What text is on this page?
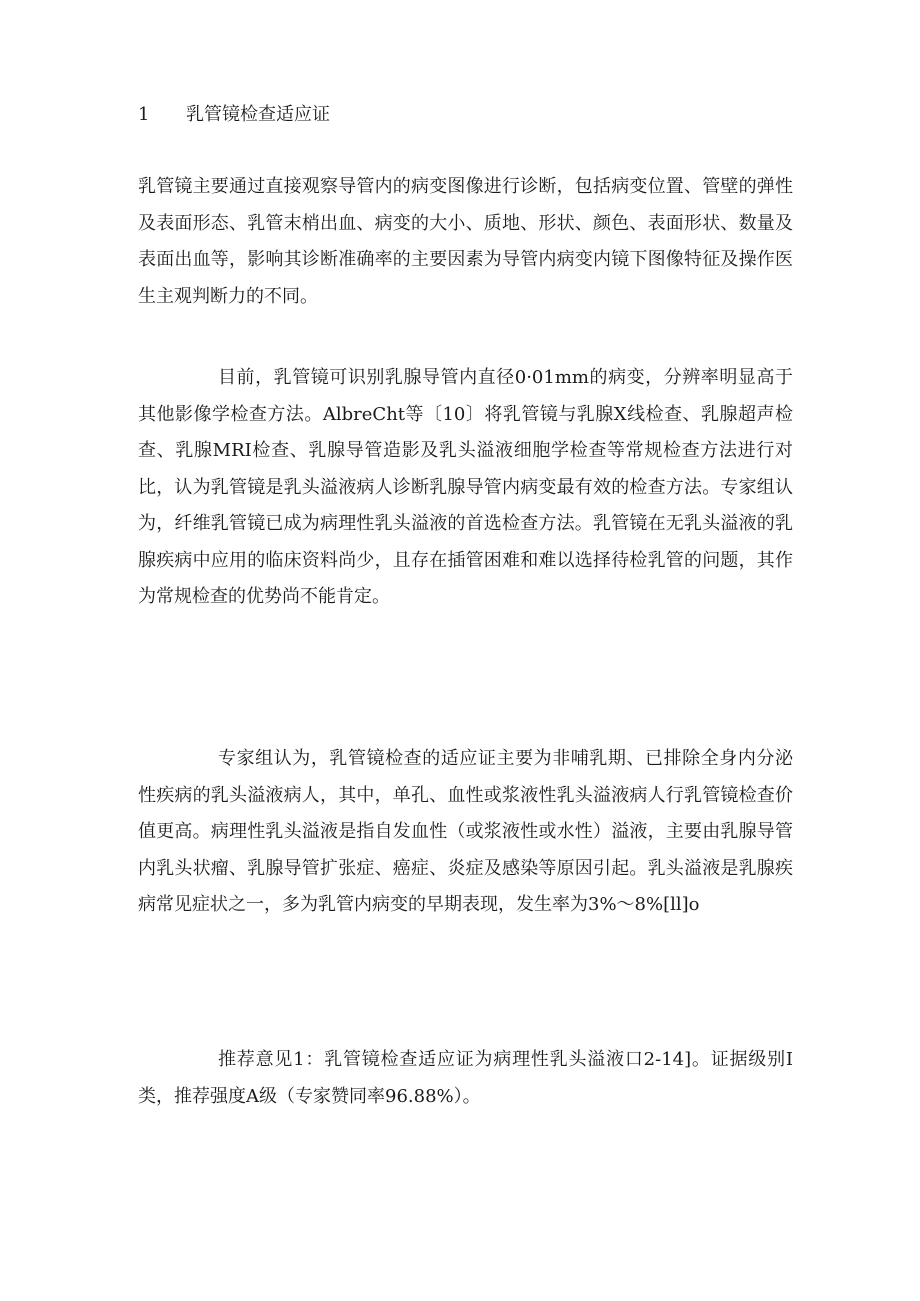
1 乳管镜检查适应证

乳管镜主要通过直接观察导管内的病变图像进行诊断，包括病变位置、管壁的弹性及表面形态、乳管末梢出血、病变的大小、质地、形状、颜色、表面形状、数量及表面出血等，影响其诊断准确率的主要因素为导管内病变内镜下图像特征及操作医生主观判断力的不同。

目前，乳管镜可识别乳腺导管内直径0·01mm的病变，分辨率明显高于其他影像学检查方法。AlbreCht等〔10〕将乳管镜与乳腺X线检查、乳腺超声检查、乳腺MRI检查、乳腺导管造影及乳头溢液细胞学检查等常规检查方法进行对比，认为乳管镜是乳头溢液病人诊断乳腺导管内病变最有效的检查方法。专家组认为，纤维乳管镜已成为病理性乳头溢液的首选检查方法。乳管镜在无乳头溢液的乳腺疾病中应用的临床资料尚少，且存在插管困难和难以选择待检乳管的问题，其作为常规检查的优势尚不能肯定。

专家组认为，乳管镜检查的适应证主要为非哺乳期、已排除全身内分泌性疾病的乳头溢液病人，其中，单孔、血性或浆液性乳头溢液病人行乳管镜检查价值更高。病理性乳头溢液是指自发血性（或浆液性或水性）溢液，主要由乳腺导管内乳头状瘤、乳腺导管扩张症、癌症、炎症及感染等原因引起。乳头溢液是乳腺疾病常见症状之一，多为乳管内病变的早期表现，发生率为3%～8%[ll]o

推荐意见1：乳管镜检查适应证为病理性乳头溢液口2-14]。证据级别I类，推荐强度A级（专家赞同率96.88%）。
